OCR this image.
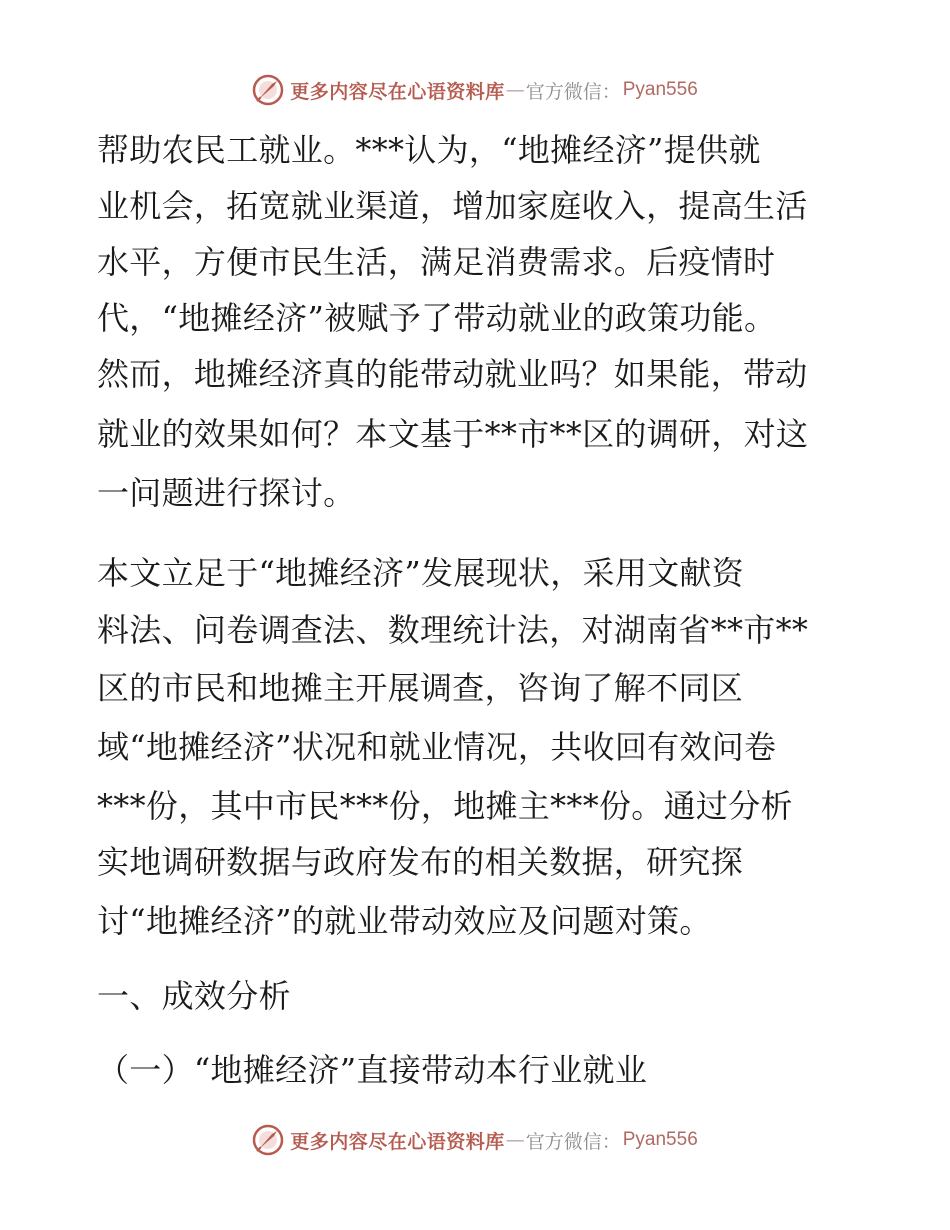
更多内容尽在心语资料库 — 官方微信： Pyan556
帮助农民工就业。***认为，“地摊经济”提供就
业机会，拓宽就业渠道，增加家庭收入，提高生活
水平，方便市民生活，满足消费需求。后疫情时
代，“地摊经济”被赋予了带动就业的政策功能。
然而，地摊经济真的能带动就业吗？如果能，带动
就业的效果如何？本文基于**市**区的调研，对这
一问题进行探讨。
本文立足于“地摊经济”发展现状，采用文献资
料法、问卷调查法、数理统计法，对湖南省**市**
区的市民和地摊主开展调查，咨询了解不同区
域“地摊经济”状况和就业情况，共收回有效问卷
***份，其中市民***份，地摊主***份。通过分析
实地调研数据与政府发布的相关数据，研究探
讨“地摊经济”的就业带动效应及问题对策。
一、成效分析
（一）“地摊经济”直接带动本行业就业
更多内容尽在心语资料库 — 官方微信： Pyan556
